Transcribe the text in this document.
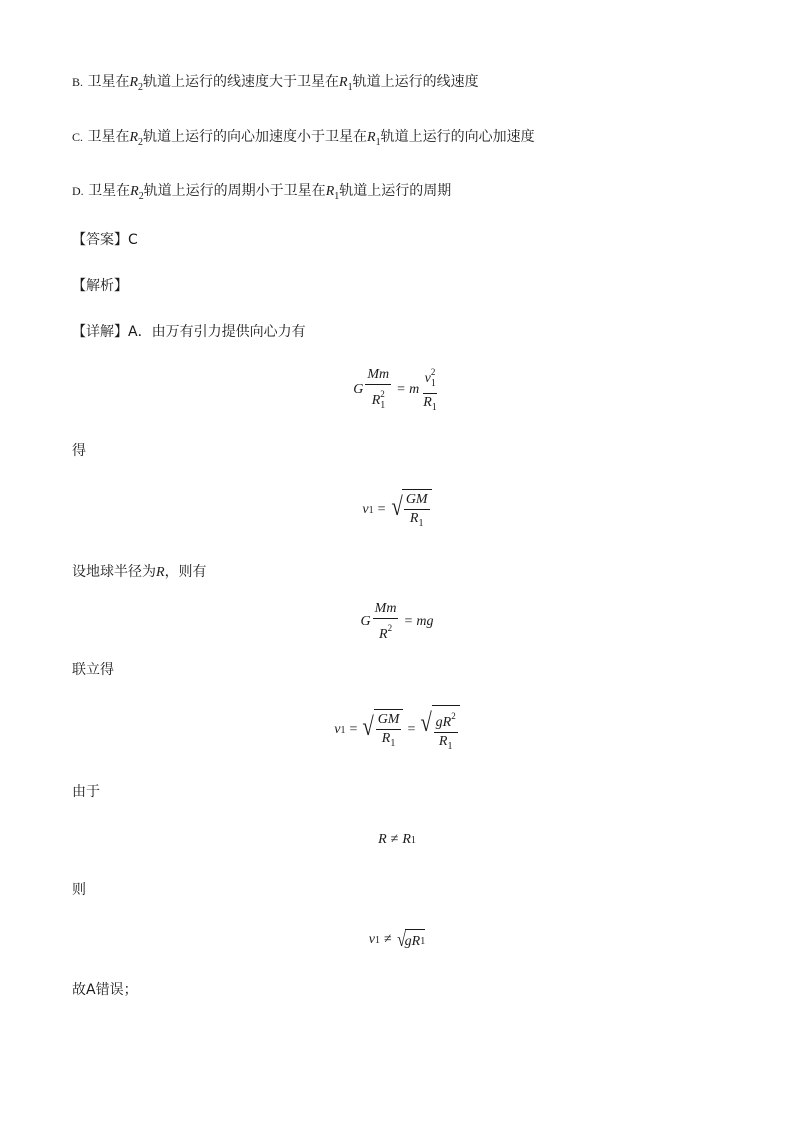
B. 卫星在$R_2$轨道上运行的线速度大于卫星在$R_1$轨道上运行的线速度
C. 卫星在$R_2$轨道上运行的向心加速度小于卫星在$R_1$轨道上运行的向心加速度
D. 卫星在$R_2$轨道上运行的周期小于卫星在$R_1$轨道上运行的周期
【答案】C
【解析】
【详解】A．由万有引力提供向心力有
G $\frac{Mm}{R_1^2} = m \frac{v_1^2}{R_1}$
得
v 1 = √ $\frac{GM}{R_1}$
设地球半径为R，则有
G $\frac{Mm}{R^2}$ = mg
联立得
v 1 = √ $\frac{GM}{R_1}$ = √ $\frac{gR^2}{R_1}$
由于
R ≠ R 1
则
v 1 ≠ √ g R 1
故A错误；
